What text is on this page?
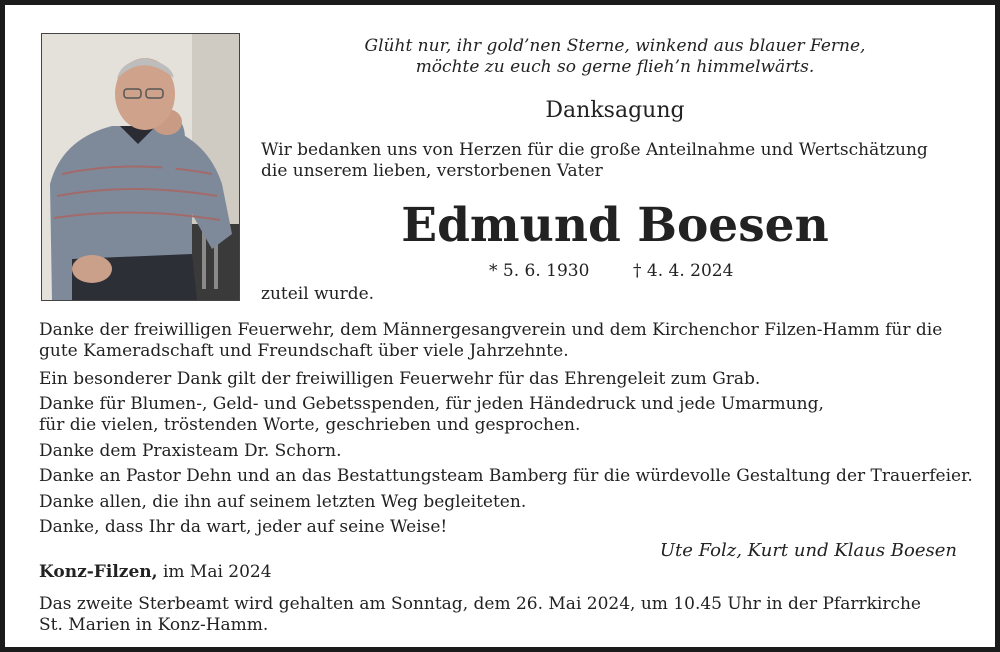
Glüht nur, ihr gold’nen Sterne, winkend aus blauer Ferne,
möchte zu euch so gerne flieh’n himmelwärts.
Danksagung
Wir bedanken uns von Herzen für die große Anteilnahme und Wertschätzung
die unserem lieben, verstorbenen Vater
Edmund Boesen
* 5. 6. 1930	† 4. 4. 2024
zuteil wurde.
Danke der freiwilligen Feuerwehr, dem Männergesangverein und dem Kirchenchor Filzen-Hamm für die
gute Kameradschaft und Freundschaft über viele Jahrzehnte.
Ein besonderer Dank gilt der freiwilligen Feuerwehr für das Ehrengeleit zum Grab.
Danke für Blumen-, Geld- und Gebetsspenden, für jeden Händedruck und jede Umarmung,
für die vielen, tröstenden Worte, geschrieben und gesprochen.
Danke dem Praxisteam Dr. Schorn.
Danke an Pastor Dehn und an das Bestattungsteam Bamberg für die würdevolle Gestaltung der Trauerfeier.
Danke allen, die ihn auf seinem letzten Weg begleiteten.
Danke, dass Ihr da wart, jeder auf seine Weise!
Ute Folz, Kurt und Klaus Boesen
Konz-Filzen, im Mai 2024
Das zweite Sterbeamt wird gehalten am Sonntag, dem 26. Mai 2024, um 10.45 Uhr in der Pfarrkirche
St. Marien in Konz-Hamm.
